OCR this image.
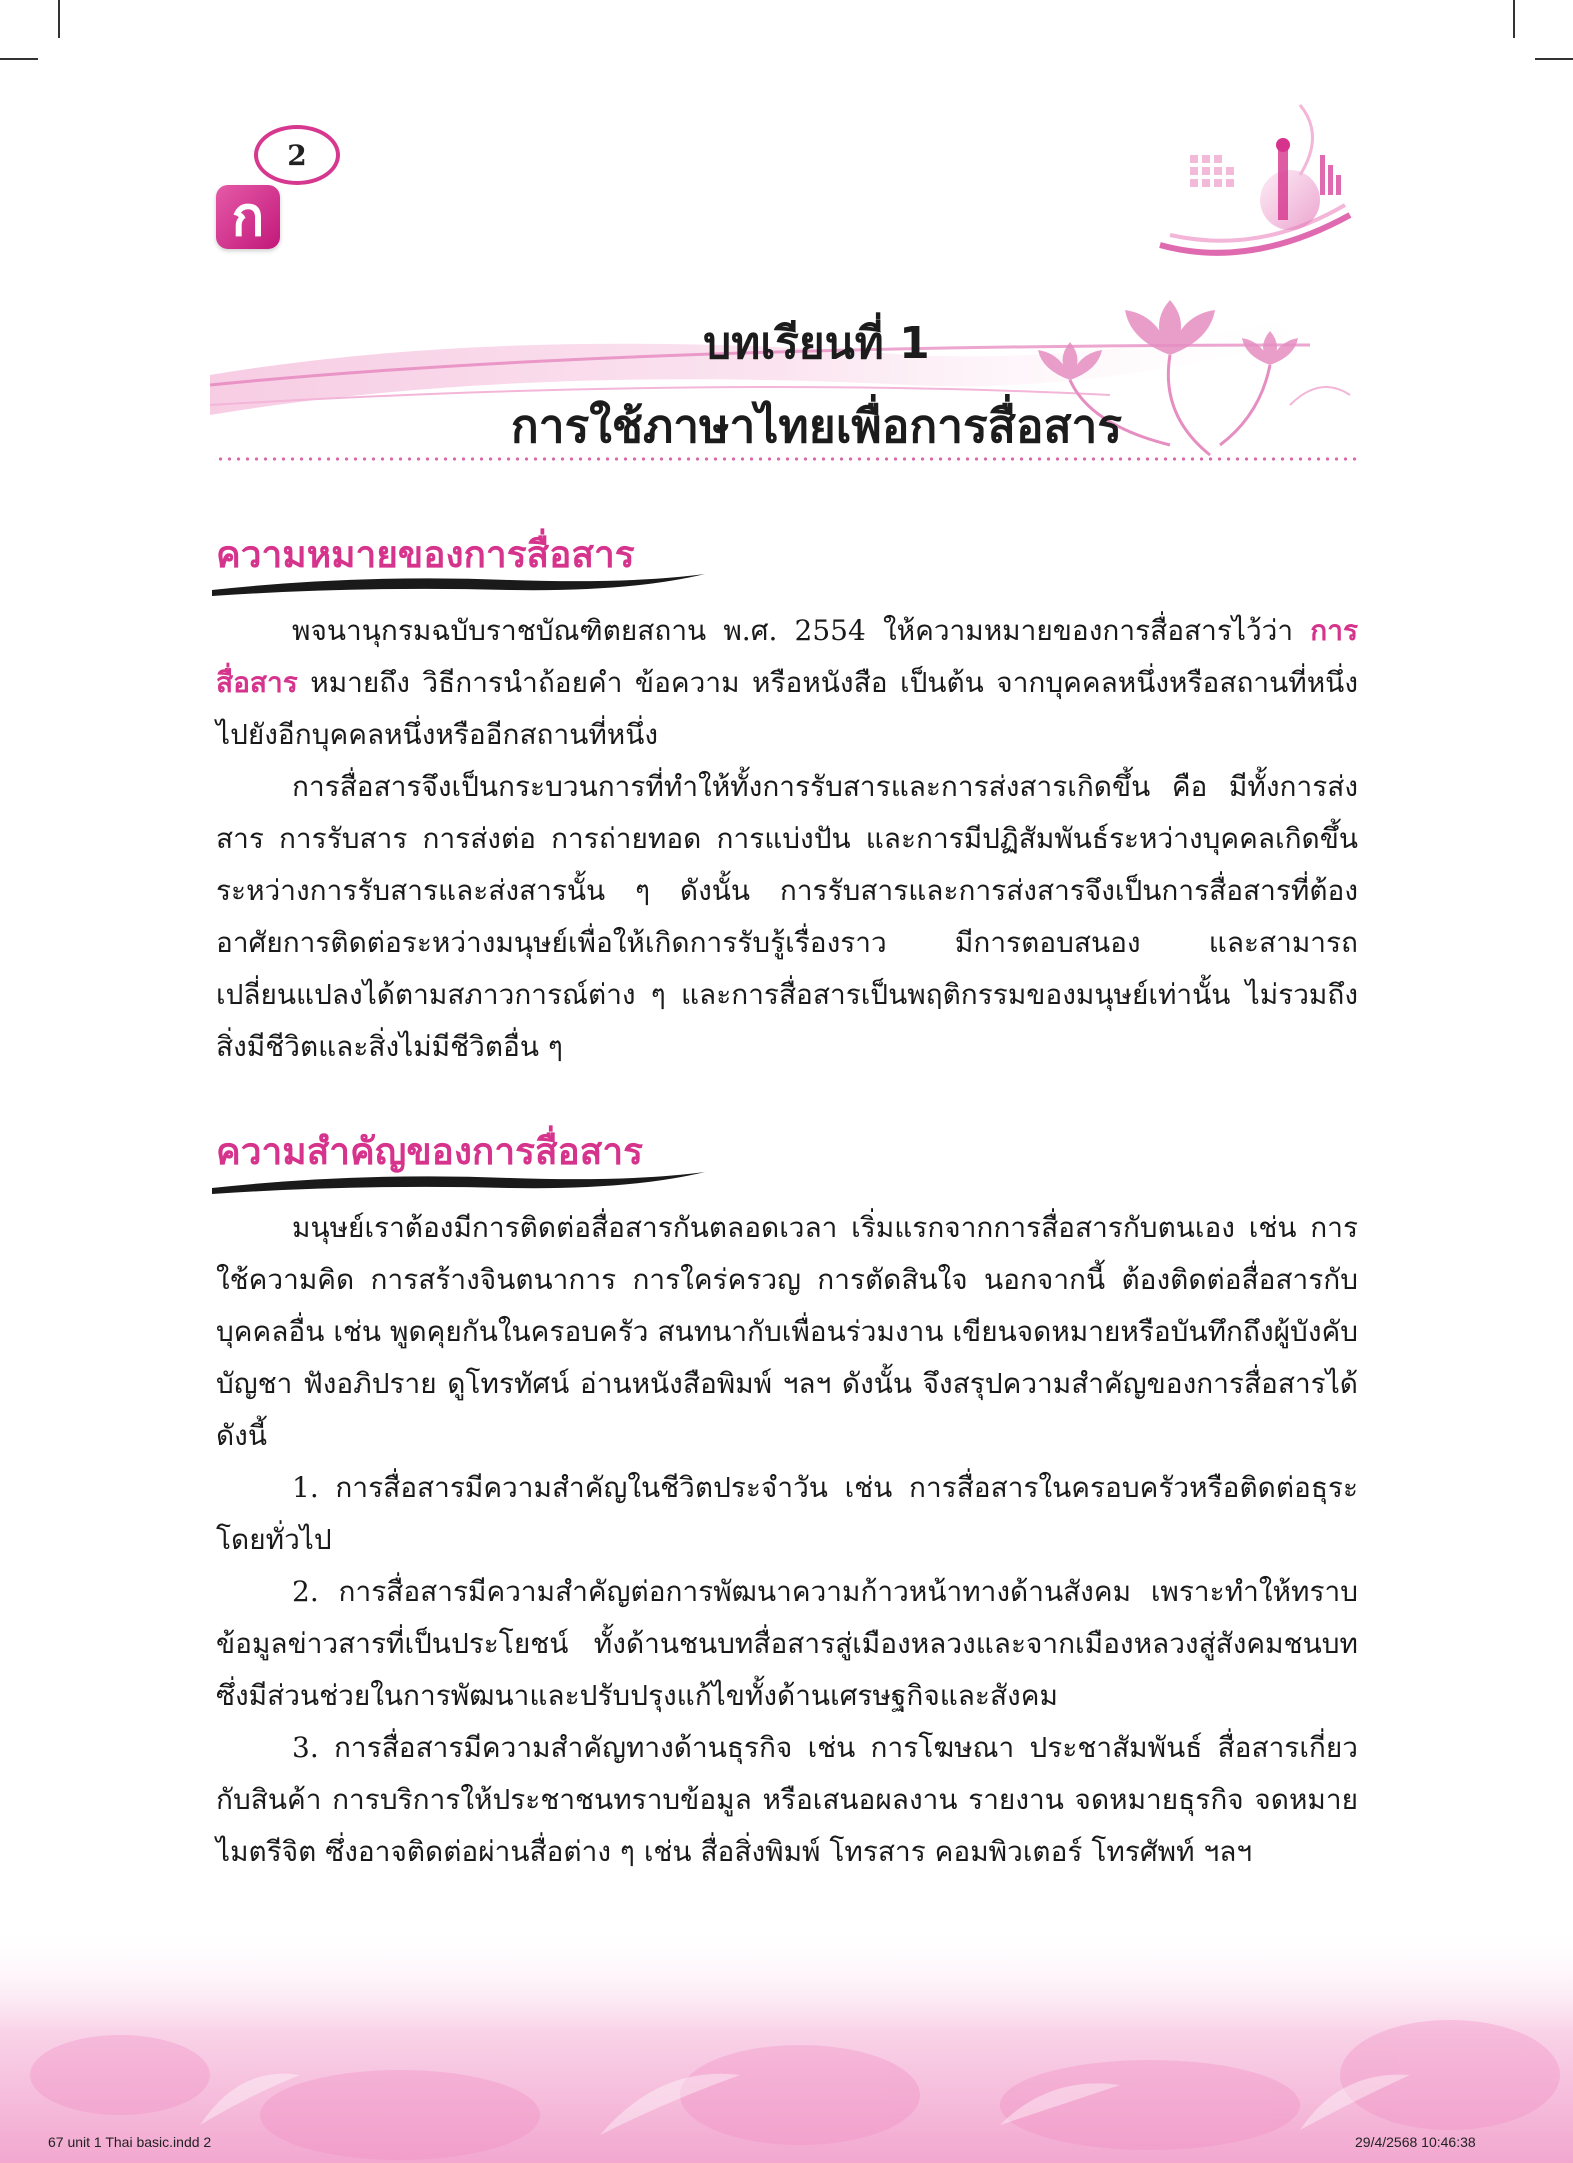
ก
2
บทเรียนที่ 1
การใช้ภาษาไทยเพื่อการสื่อสาร
ความหมายของการสื่อสาร

พจนานุกรมฉบับราชบัณฑิตยสถาน พ.ศ. 2554 ให้ความหมายของการสื่อสารไว้ว่า การสื่อสาร หมายถึง วิธีการนำถ้อยคำ ข้อความ หรือหนังสือ เป็นต้น จากบุคคลหนึ่งหรือสถานที่หนึ่งไปยังอีกบุคคลหนึ่งหรืออีกสถานที่หนึ่ง

การสื่อสารจึงเป็นกระบวนการที่ทำให้ทั้งการรับสารและการส่งสารเกิดขึ้น คือ มีทั้งการส่งสาร การรับสาร การส่งต่อ การถ่ายทอด การแบ่งปัน และการมีปฏิสัมพันธ์ระหว่างบุคคลเกิดขึ้นระหว่างการรับสารและส่งสารนั้น ๆ ดังนั้น การรับสารและการส่งสารจึงเป็นการสื่อสารที่ต้องอาศัยการติดต่อระหว่างมนุษย์เพื่อให้เกิดการรับรู้เรื่องราว มีการตอบสนอง และสามารถเปลี่ยนแปลงได้ตามสภาวการณ์ต่าง ๆ และการสื่อสารเป็นพฤติกรรมของมนุษย์เท่านั้น ไม่รวมถึงสิ่งมีชีวิตและสิ่งไม่มีชีวิตอื่น ๆ

ความสำคัญของการสื่อสาร

มนุษย์เราต้องมีการติดต่อสื่อสารกันตลอดเวลา เริ่มแรกจากการสื่อสารกับตนเอง เช่น การใช้ความคิด การสร้างจินตนาการ การใคร่ครวญ การตัดสินใจ นอกจากนี้ ต้องติดต่อสื่อสารกับบุคคลอื่น เช่น พูดคุยกันในครอบครัว สนทนากับเพื่อนร่วมงาน เขียนจดหมายหรือบันทึกถึงผู้บังคับบัญชา ฟังอภิปราย ดูโทรทัศน์ อ่านหนังสือพิมพ์ ฯลฯ ดังนั้น จึงสรุปความสำคัญของการสื่อสารได้ดังนี้

1. การสื่อสารมีความสำคัญในชีวิตประจำวัน เช่น การสื่อสารในครอบครัวหรือติดต่อธุระโดยทั่วไป

2. การสื่อสารมีความสำคัญต่อการพัฒนาความก้าวหน้าทางด้านสังคม เพราะทำให้ทราบข้อมูลข่าวสารที่เป็นประโยชน์ ทั้งด้านชนบทสื่อสารสู่เมืองหลวงและจากเมืองหลวงสู่สังคมชนบท ซึ่งมีส่วนช่วยในการพัฒนาและปรับปรุงแก้ไขทั้งด้านเศรษฐกิจและสังคม

3. การสื่อสารมีความสำคัญทางด้านธุรกิจ เช่น การโฆษณา ประชาสัมพันธ์ สื่อสารเกี่ยวกับสินค้า การบริการให้ประชาชนทราบข้อมูล หรือเสนอผลงาน รายงาน จดหมายธุรกิจ จดหมายไมตรีจิต ซึ่งอาจติดต่อผ่านสื่อต่าง ๆ เช่น สื่อสิ่งพิมพ์ โทรสาร คอมพิวเตอร์ โทรศัพท์ ฯลฯ

67 unit 1 Thai basic.indd 2	29/4/2568 10:46:38
